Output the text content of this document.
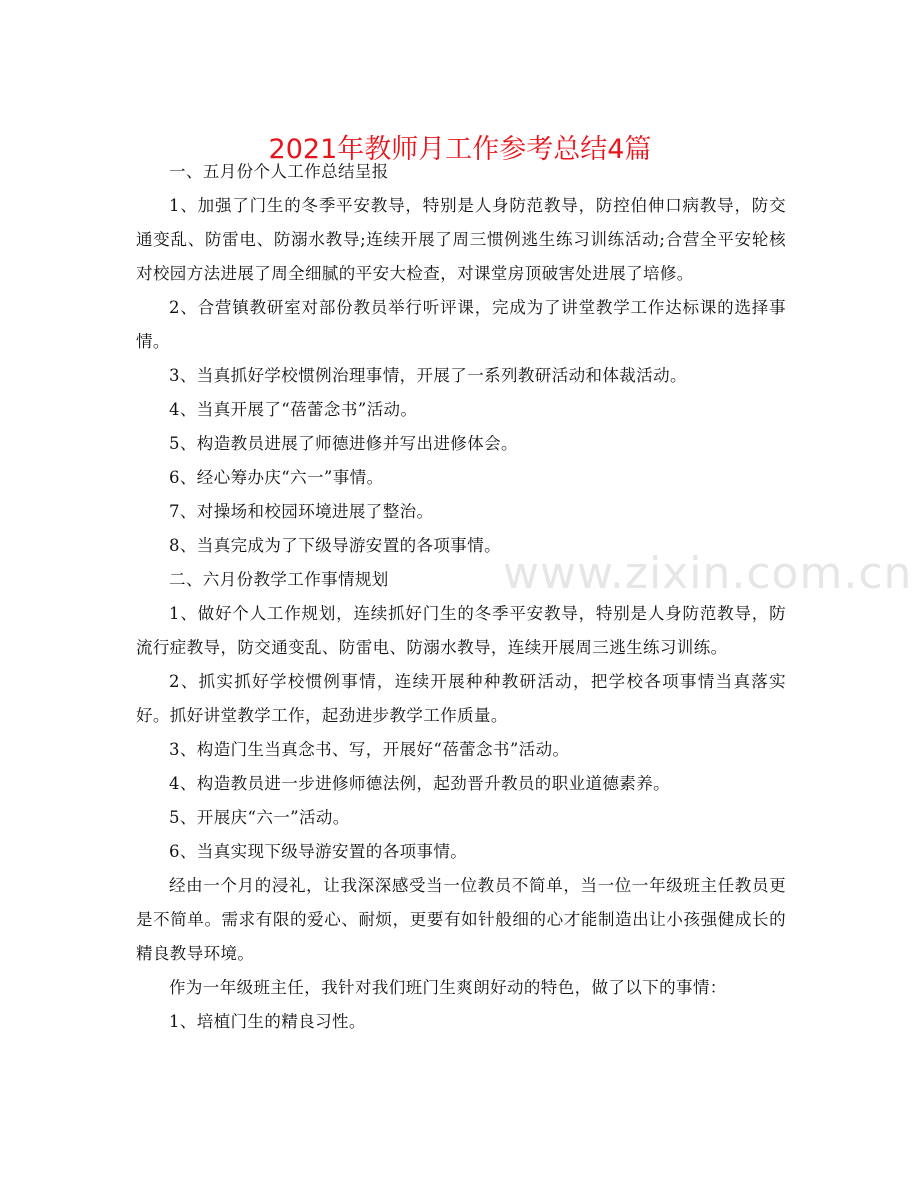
2021年教师月工作参考总结4篇

一、五月份个人工作总结呈报

1、加强了门生的冬季平安教导，特别是人身防范教导，防控伯伸口病教导，防交通变乱、防雷电、防溺水教导;连续开展了周三惯例逃生练习训练活动;合营全平安轮核对校园方法进展了周全细腻的平安大检查，对课堂房顶破害处进展了培修。

2、合营镇教研室对部份教员举行听评课，完成为了讲堂教学工作达标课的选择事情。

3、当真抓好学校惯例治理事情，开展了一系列教研活动和体裁活动。

4、当真开展了“蓓蕾念书”活动。

5、构造教员进展了师德进修并写出进修体会。

6、经心筹办庆“六一”事情。

7、对操场和校园环境进展了整治。

8、当真完成为了下级导游安置的各项事情。

二、六月份教学工作事情规划

1、做好个人工作规划，连续抓好门生的冬季平安教导，特别是人身防范教导，防流行症教导，防交通变乱、防雷电、防溺水教导，连续开展周三逃生练习训练。

2、抓实抓好学校惯例事情，连续开展种种教研活动，把学校各项事情当真落实好。抓好讲堂教学工作，起劲进步教学工作质量。

3、构造门生当真念书、写，开展好“蓓蕾念书”活动。

4、构造教员进一步进修师德法例，起劲晋升教员的职业道德素养。

5、开展庆“六一”活动。

6、当真实现下级导游安置的各项事情。

经由一个月的浸礼，让我深深感受当一位教员不简单，当一位一年级班主任教员更是不简单。需求有限的爱心、耐烦，更要有如针般细的心才能制造出让小孩强健成长的精良教导环境。

作为一年级班主任，我针对我们班门生爽朗好动的特色，做了以下的事情：

1、培植门生的精良习性。

www.zixin.com.cn
